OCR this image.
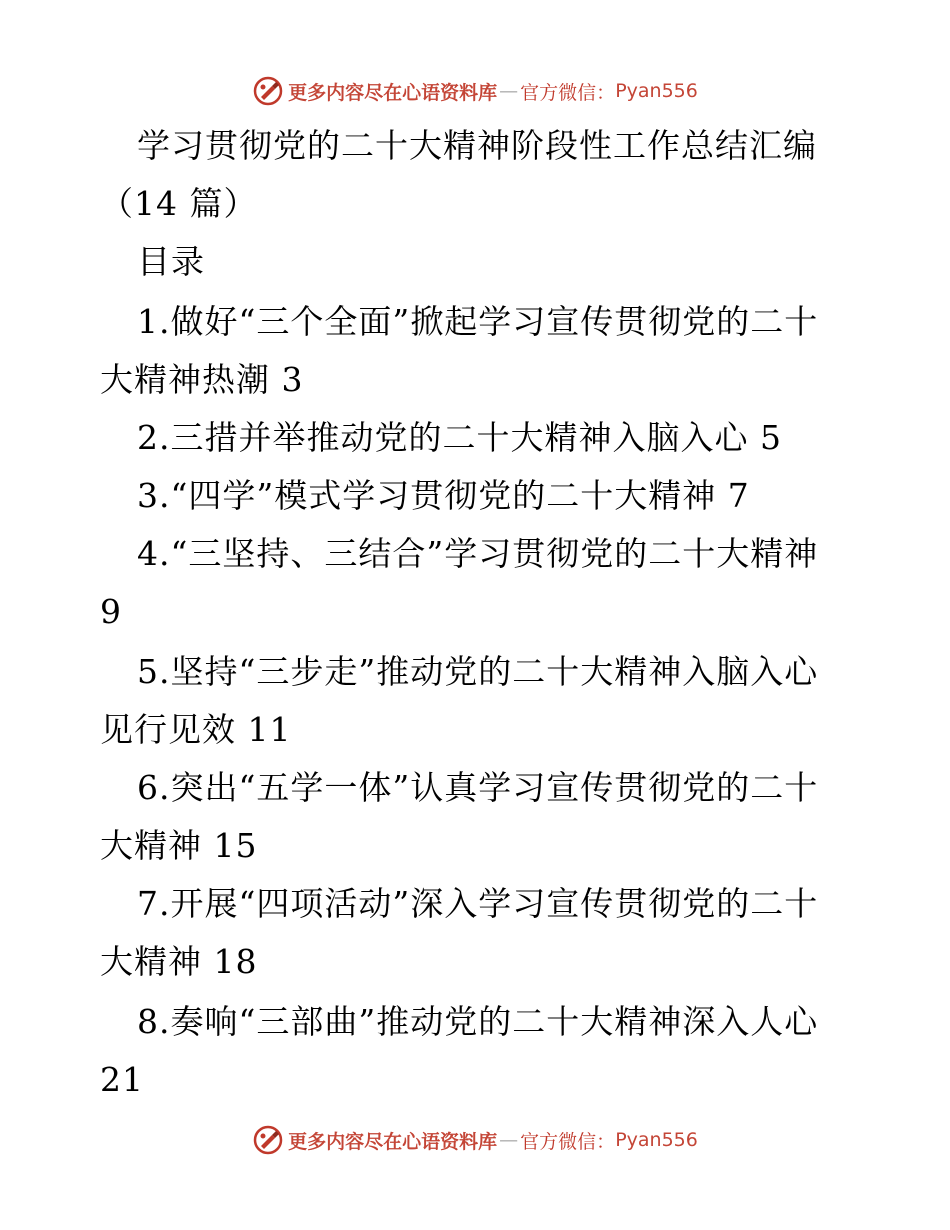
更多内容尽在心语资料库 — 官方微信： Pyan556
学习贯彻党的二十大精神阶段性工作总结汇编
（14 篇）
目录
1.做好“三个全面”掀起学习宣传贯彻党的二十
大精神热潮 3
2.三措并举推动党的二十大精神入脑入心 5
3.“四学”模式学习贯彻党的二十大精神 7
4.“三坚持、三结合”学习贯彻党的二十大精神
9
5.坚持“三步走”推动党的二十大精神入脑入心
见行见效 11
6.突出“五学一体”认真学习宣传贯彻党的二十
大精神 15
7.开展“四项活动”深入学习宣传贯彻党的二十
大精神 18
8.奏响“三部曲”推动党的二十大精神深入人心
21
更多内容尽在心语资料库 — 官方微信： Pyan556
